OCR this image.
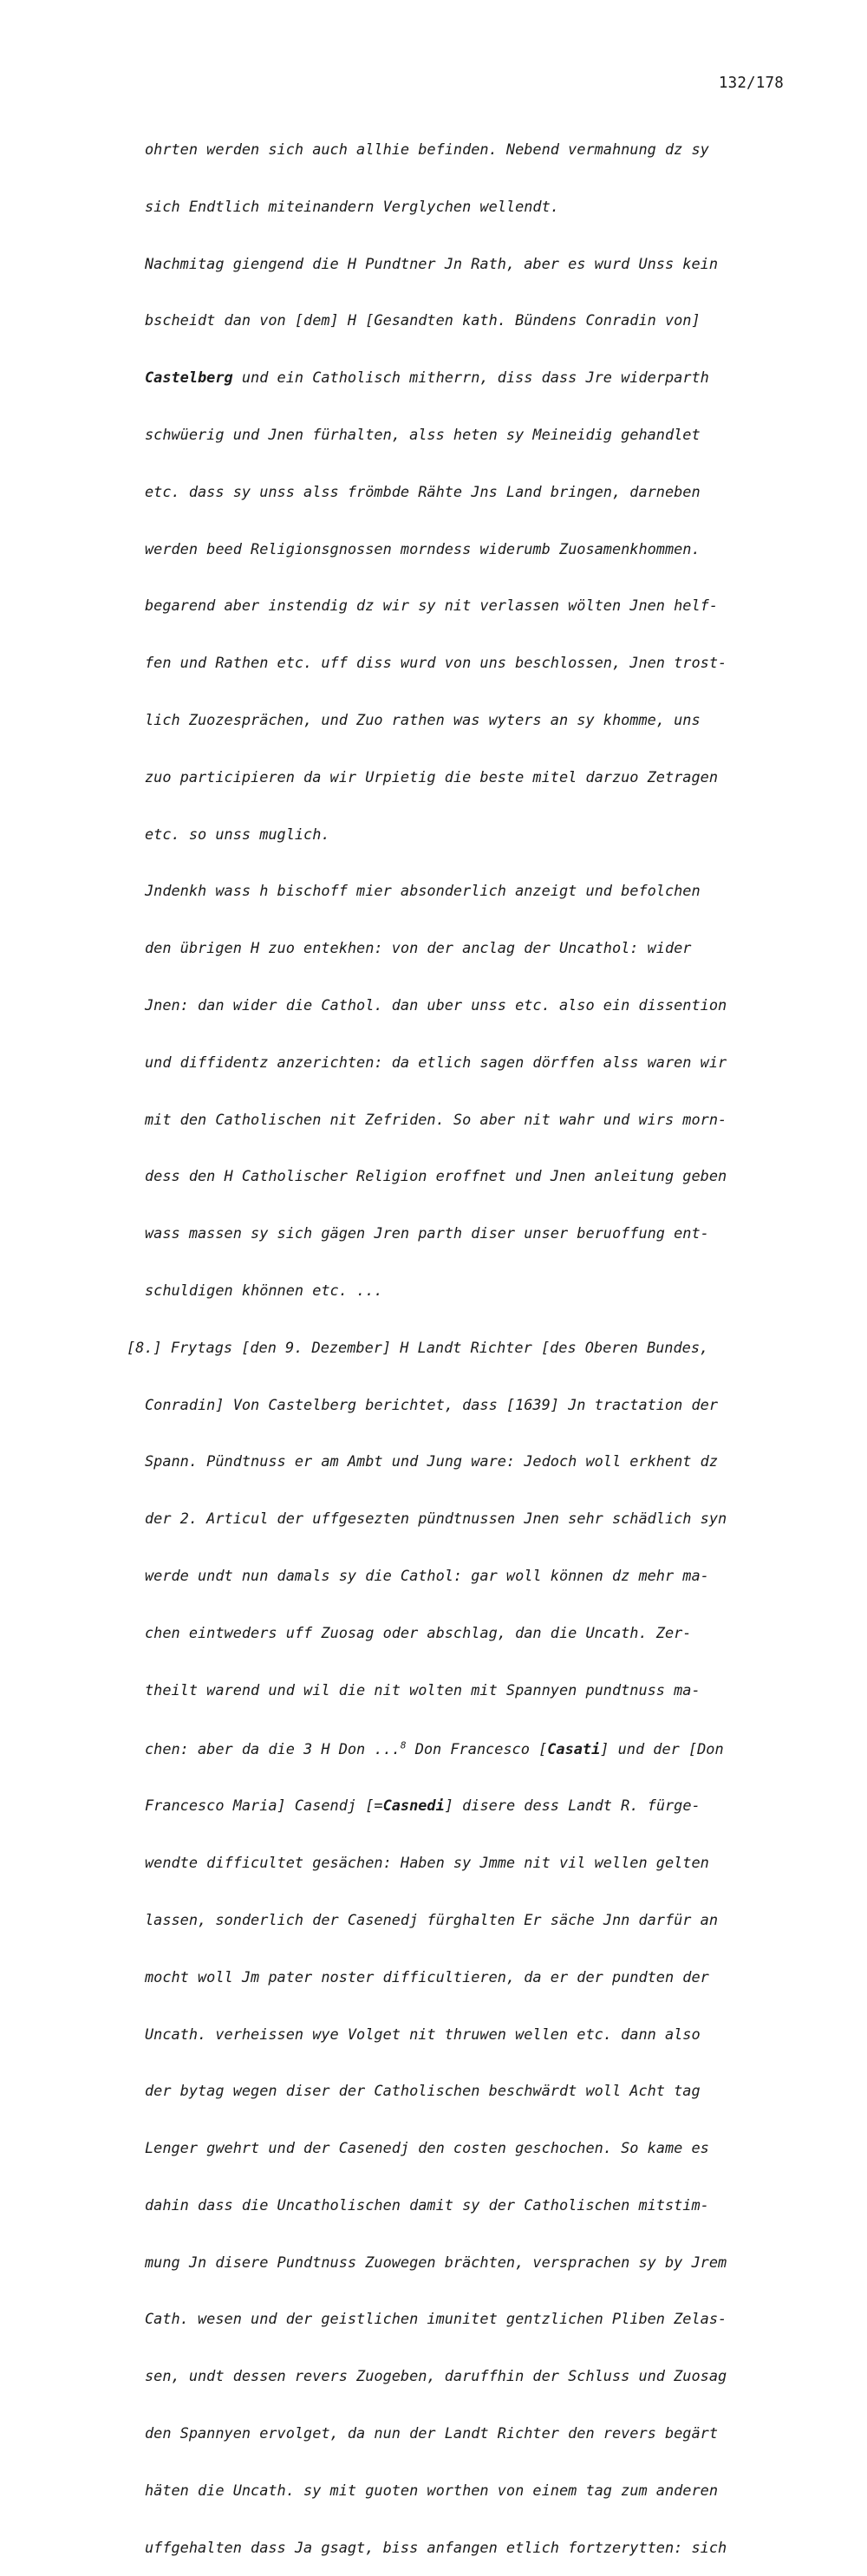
132/178

ohrten werden sich auch allhie befinden. Nebend vermahnung dz sy

sich Endtlich miteinandern Verglychen wellendt.

Nachmitag giengend die H Pundtner Jn Rath, aber es wurd Unss kein

bscheidt dan von [dem] H [Gesandten kath. Bündens Conradin von]

Castelberg und ein Catholisch mitherrn, diss dass Jre widerparth

schwüerig und Jnen fürhalten, alss heten sy Meineidig gehandlet

etc. dass sy unss alss frömbde Rähte Jns Land bringen, darneben

werden beed Religionsgnossen morndess widerumb Zuosamenkhommen.

begarend aber instendig dz wir sy nit verlassen wölten Jnen helf-

fen und Rathen etc. uff diss wurd von uns beschlossen, Jnen trost-

lich Zuozesprächen, und Zuo rathen was wyters an sy khomme, uns

zuo participieren da wir Urpietig die beste mitel darzuo Zetragen

etc. so unss muglich.

Jndenkh wass h bischoff mier absonderlich anzeigt und befolchen

den übrigen H zuo entekhen: von der anclag der Uncathol: wider

Jnen: dan wider die Cathol. dan uber unss etc. also ein dissention

und diffidentz anzerichten: da etlich sagen dörffen alss waren wir

mit den Catholischen nit Zefriden. So aber nit wahr und wirs morn-

dess den H Catholischer Religion eroffnet und Jnen anleitung geben

wass massen sy sich gägen Jren parth diser unser beruoffung ent-

schuldigen khönnen etc. ...

[8.] Frytags [den 9. Dezember] H Landt Richter [des Oberen Bundes,

Conradin] Von Castelberg berichtet, dass [1639] Jn tractation der

Spann. Pündtnuss er am Ambt und Jung ware: Jedoch woll erkhent dz

der 2. Articul der uffgesezten pündtnussen Jnen sehr schädlich syn

werde undt nun damals sy die Cathol: gar woll können dz mehr ma-

chen eintweders uff Zuosag oder abschlag, dan die Uncath. Zer-

theilt warend und wil die nit wolten mit Spannyen pundtnuss ma-

chen: aber da die 3 H Don ...$^8$ Don Francesco [Casati] und der [Don

Francesco Maria] Casendj [=Casnedi] disere dess Landt R. fürge-

wendte difficultet gesächen: Haben sy Jmme nit vil wellen gelten

lassen, sonderlich der Casenedj fürghalten Er säche Jnn darfür an

mocht woll Jm pater noster difficultieren, da er der pundten der

Uncath. verheissen wye Volget nit thruwen wellen etc. dann also

der bytag wegen diser der Catholischen beschwärdt woll Acht tag

Lenger gwehrt und der Casenedj den costen geschochen. So kame es

dahin dass die Uncatholischen damit sy der Catholischen mitstim-

mung Jn disere Pundtnuss Zuowegen brächten, versprachen sy by Jrem

Cath. wesen und der geistlichen imunitet gentzlichen Pliben Zelas-

sen, undt dessen revers Zuogeben, daruffhin der Schluss und Zuosag

den Spannyen ervolget, da nun der Landt Richter den revers begärt

häten die Uncath. sy mit guoten worthen von einem tag zum anderen

uffgehalten dass Ja gsagt, biss anfangen etlich fortzerytten: sich
